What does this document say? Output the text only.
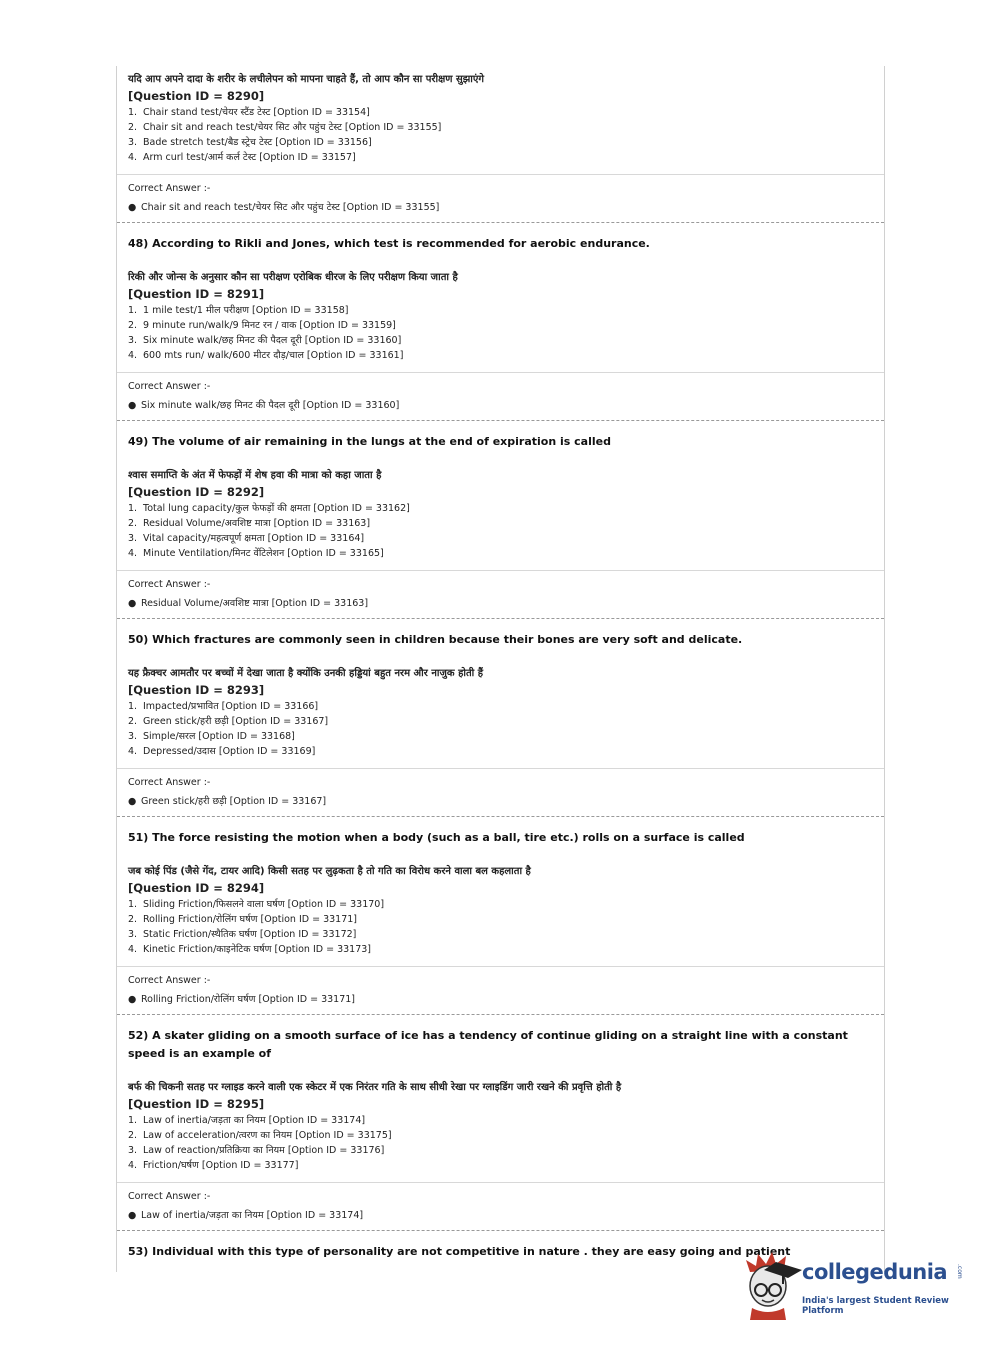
यदि आप अपने दादा के शरीर के लचीलेपन को मापना चाहते हैं, तो आप कौन सा परीक्षण सुझाएंगे
[Question ID = 8290]
1. Chair stand test/चेयर स्टैंड टेस्ट [Option ID = 33154]
2. Chair sit and reach test/चेयर सिट और पहुंच टेस्ट [Option ID = 33155]
3. Bade stretch test/बैड स्ट्रेच टेस्ट [Option ID = 33156]
4. Arm curl test/आर्म कर्ल टेस्ट [Option ID = 33157]
Correct Answer :-
● Chair sit and reach test/चेयर सिट और पहुंच टेस्ट [Option ID = 33155]
48) According to Rikli and Jones, which test is recommended for aerobic endurance.
रिकी और जोन्स के अनुसार कौन सा परीक्षण एरोबिक धीरज के लिए परीक्षण किया जाता है
[Question ID = 8291]
1. 1 mile test/1 मील परीक्षण [Option ID = 33158]
2. 9 minute run/walk/9 मिनट रन / वाक [Option ID = 33159]
3. Six minute walk/छह मिनट की पैदल दूरी [Option ID = 33160]
4. 600 mts run/ walk/600 मीटर दौड़/चाल [Option ID = 33161]
Correct Answer :-
● Six minute walk/छह मिनट की पैदल दूरी [Option ID = 33160]
49) The volume of air remaining in the lungs at the end of expiration is called
श्वास समाप्ति के अंत में फेफड़ों में शेष हवा की मात्रा को कहा जाता है
[Question ID = 8292]
1. Total lung capacity/कुल फेफड़ों की क्षमता [Option ID = 33162]
2. Residual Volume/अवशिष्ट मात्रा [Option ID = 33163]
3. Vital capacity/महत्वपूर्ण क्षमता [Option ID = 33164]
4. Minute Ventilation/मिनट वेंटिलेशन [Option ID = 33165]
Correct Answer :-
● Residual Volume/अवशिष्ट मात्रा [Option ID = 33163]
50) Which fractures are commonly seen in children because their bones are very soft and delicate.
यह फ्रैक्चर आमतौर पर बच्चों में देखा जाता है क्योंकि उनकी हड्डियां बहुत नरम और नाजुक होती हैं
[Question ID = 8293]
1. Impacted/प्रभावित [Option ID = 33166]
2. Green stick/हरी छड़ी [Option ID = 33167]
3. Simple/सरल [Option ID = 33168]
4. Depressed/उदास [Option ID = 33169]
Correct Answer :-
● Green stick/हरी छड़ी [Option ID = 33167]
51) The force resisting the motion when a body (such as a ball, tire etc.) rolls on a surface is called
जब कोई पिंड (जैसे गेंद, टायर आदि) किसी सतह पर लुढ़कता है तो गति का विरोध करने वाला बल कहलाता है
[Question ID = 8294]
1. Sliding Friction/फिसलने वाला घर्षण [Option ID = 33170]
2. Rolling Friction/रोलिंग घर्षण [Option ID = 33171]
3. Static Friction/स्थैतिक घर्षण [Option ID = 33172]
4. Kinetic Friction/काइनेटिक घर्षण [Option ID = 33173]
Correct Answer :-
● Rolling Friction/रोलिंग घर्षण [Option ID = 33171]
52) A skater gliding on a smooth surface of ice has a tendency of continue gliding on a straight line with a constant speed is an example of
बर्फ की चिकनी सतह पर ग्लाइड करने वाली एक स्केटर में एक निरंतर गति के साथ सीधी रेखा पर ग्लाइडिंग जारी रखने की प्रवृत्ति होती है
[Question ID = 8295]
1. Law of inertia/जड़ता का नियम [Option ID = 33174]
2. Law of acceleration/त्वरण का नियम [Option ID = 33175]
3. Law of reaction/प्रतिक्रिया का नियम [Option ID = 33176]
4. Friction/घर्षण [Option ID = 33177]
Correct Answer :-
● Law of inertia/जड़ता का नियम [Option ID = 33174]
53) Individual with this type of personality are not competitive in nature . they are easy going and patient
collegedunia .com
India's largest Student Review Platform
